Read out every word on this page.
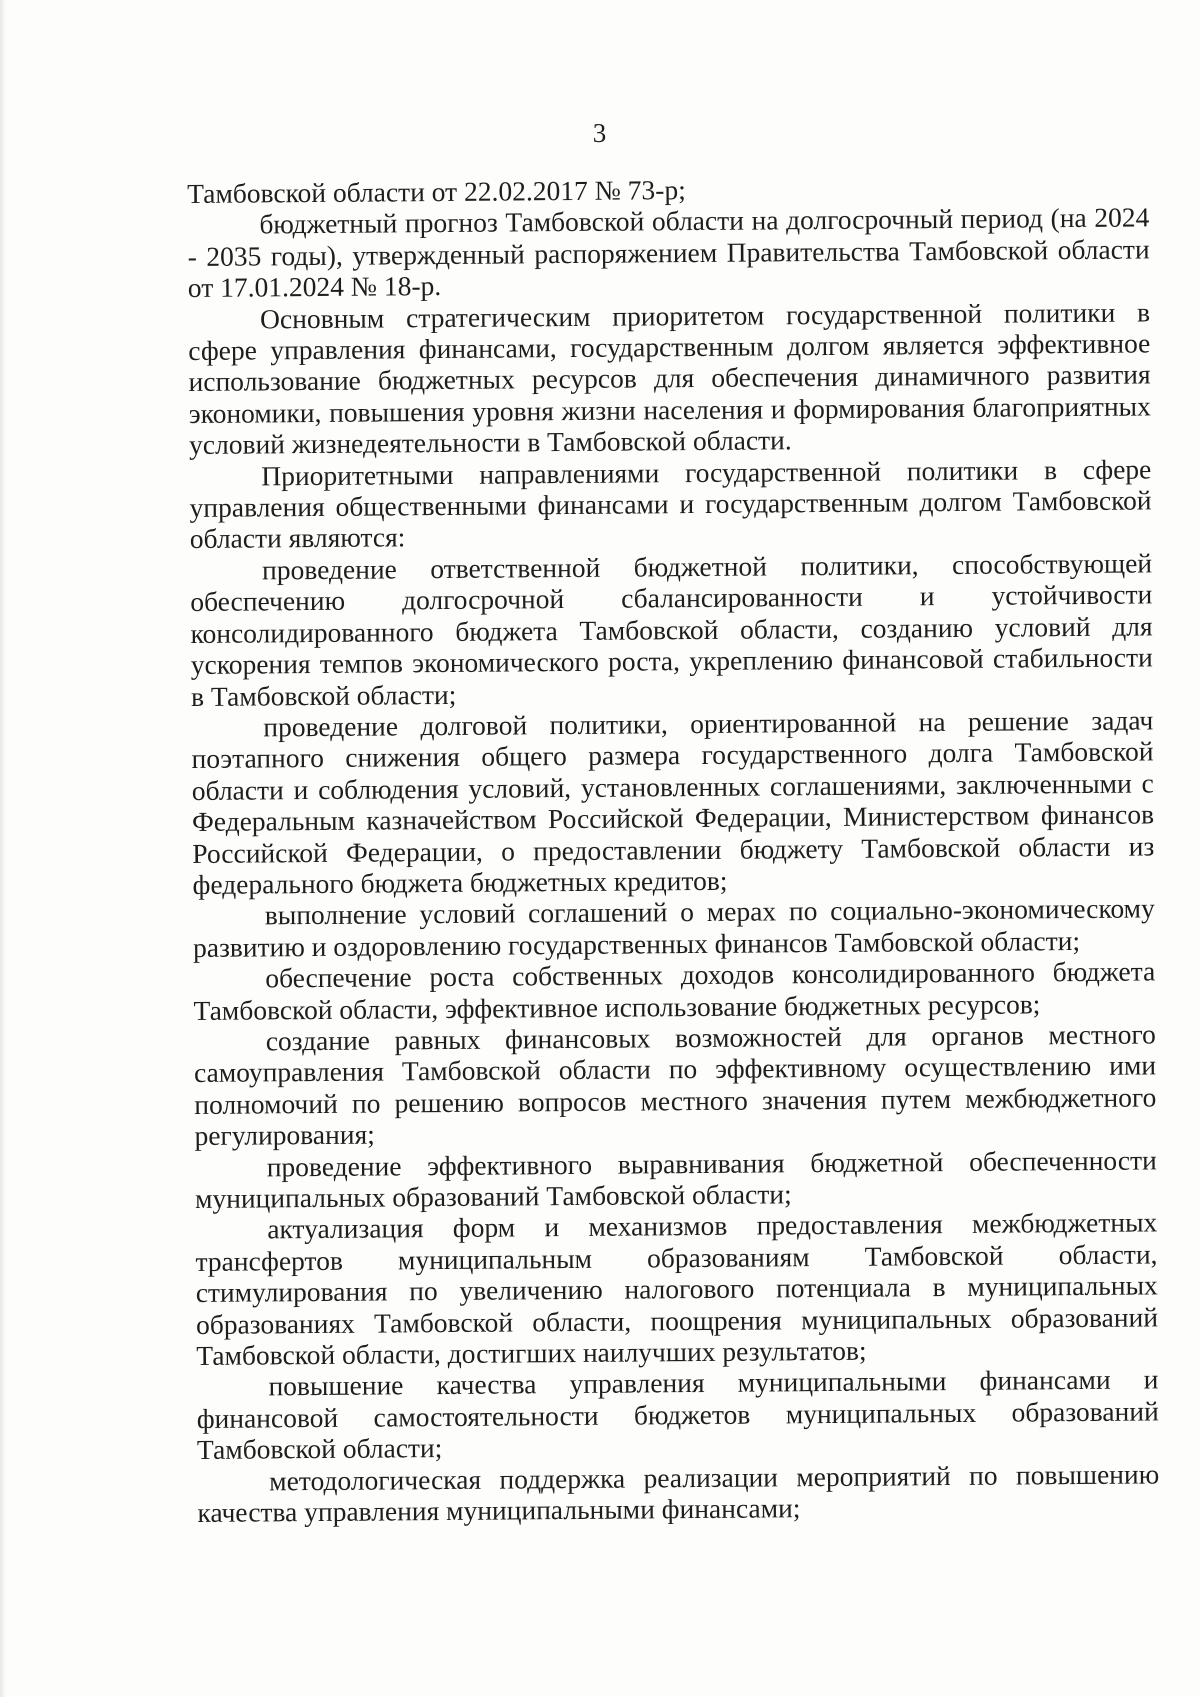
3

Тамбовской области от 22.02.2017 № 73-р;

бюджетный прогноз Тамбовской области на долгосрочный период (на 2024 - 2035 годы), утвержденный распоряжением Правительства Тамбовской области от 17.01.2024 № 18-р.

Основным стратегическим приоритетом государственной политики в сфере управления финансами, государственным долгом является эффективное использование бюджетных ресурсов для обеспечения динамичного развития экономики, повышения уровня жизни населения и формирования благоприятных условий жизнедеятельности в Тамбовской области.

Приоритетными направлениями государственной политики в сфере управления общественными финансами и государственным долгом Тамбовской области являются:

проведение ответственной бюджетной политики, способствующей обеспечению долгосрочной сбалансированности и устойчивости консолидированного бюджета Тамбовской области, созданию условий для ускорения темпов экономического роста, укреплению финансовой стабильности в Тамбовской области;

проведение долговой политики, ориентированной на решение задач поэтапного снижения общего размера государственного долга Тамбовской области и соблюдения условий, установленных соглашениями, заключенными с Федеральным казначейством Российской Федерации, Министерством финансов Российской Федерации, о предоставлении бюджету Тамбовской области из федерального бюджета бюджетных кредитов;

выполнение условий соглашений о мерах по социально-экономическому развитию и оздоровлению государственных финансов Тамбовской области;

обеспечение роста собственных доходов консолидированного бюджета Тамбовской области, эффективное использование бюджетных ресурсов;

создание равных финансовых возможностей для органов местного самоуправления Тамбовской области по эффективному осуществлению ими полномочий по решению вопросов местного значения путем межбюджетного регулирования;

проведение эффективного выравнивания бюджетной обеспеченности муниципальных образований Тамбовской области;

актуализация форм и механизмов предоставления межбюджетных трансфертов муниципальным образованиям Тамбовской области, стимулирования по увеличению налогового потенциала в муниципальных образованиях Тамбовской области, поощрения муниципальных образований Тамбовской области, достигших наилучших результатов;

повышение качества управления муниципальными финансами и финансовой самостоятельности бюджетов муниципальных образований Тамбовской области;

методологическая поддержка реализации мероприятий по повышению качества управления муниципальными финансами;
